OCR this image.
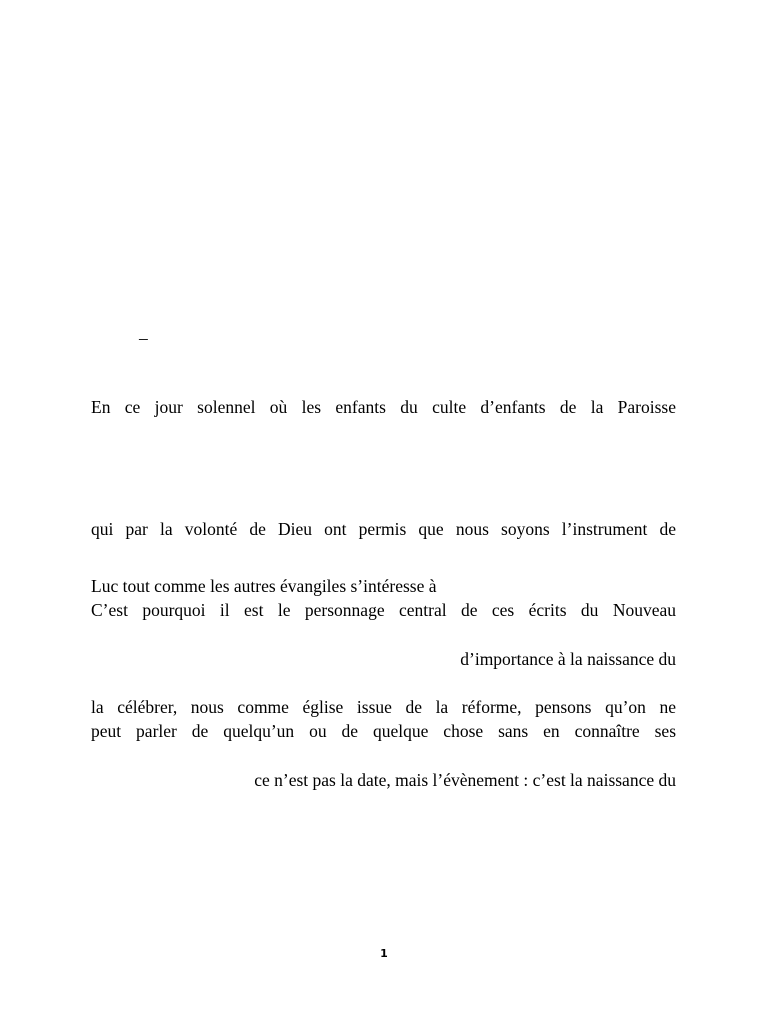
–
En ce jour solennel où les enfants du culte d’enfants de la Paroisse
qui par la volonté de Dieu ont permis que nous soyons l’instrument de
Luc tout comme les autres évangiles s’intéresse à
C’est pourquoi il est le personnage central de ces écrits du Nouveau
d’importance à la naissance du
la célébrer, nous comme église issue de la réforme, pensons qu’on ne
peut parler de quelqu’un ou de quelque chose sans en connaître ses
ce n’est pas la date, mais l’évènement : c’est la naissance du
1
